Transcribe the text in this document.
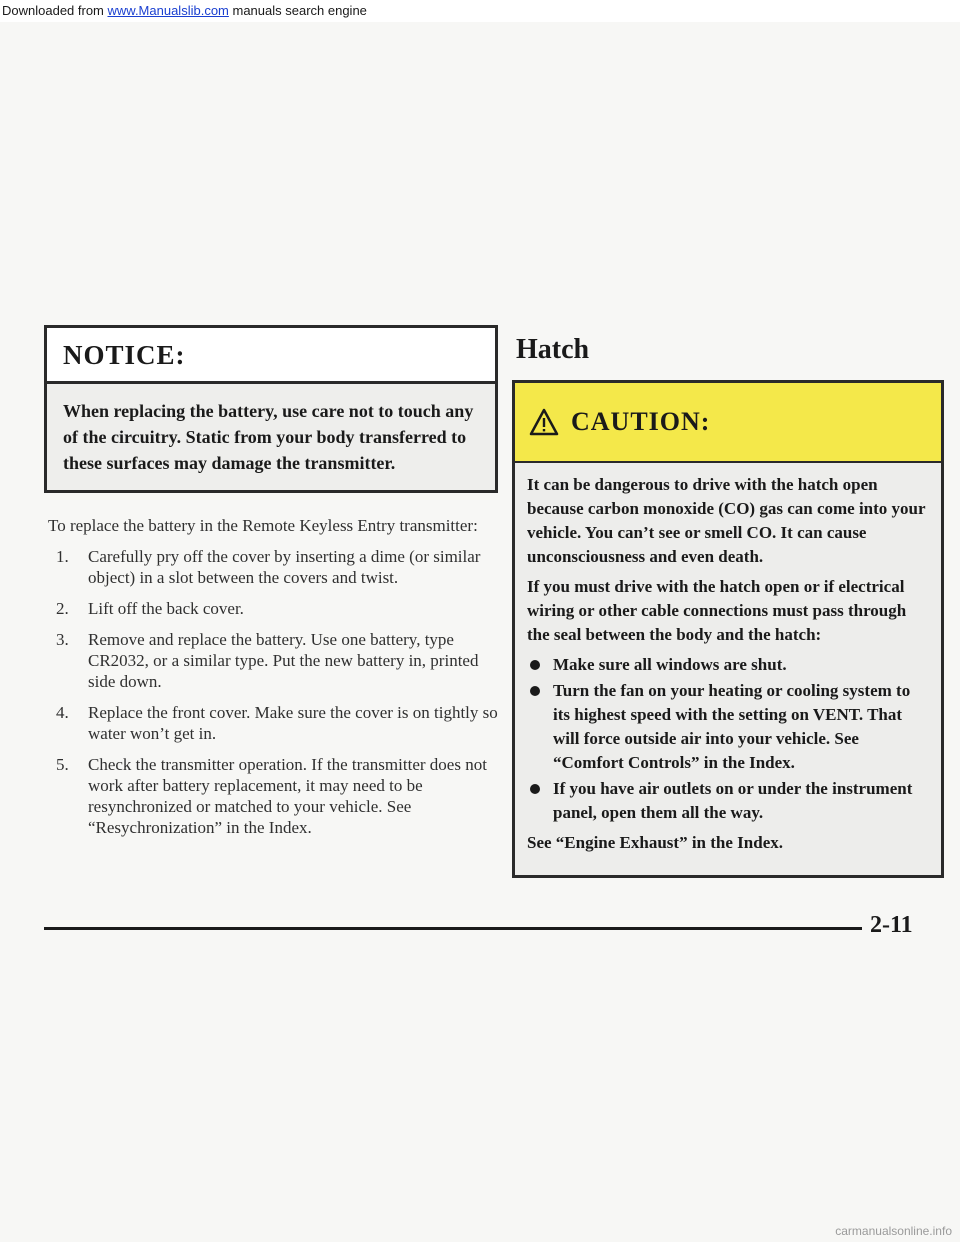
Downloaded from www.Manualslib.com manuals search engine
NOTICE:
When replacing the battery, use care not to touch any of the circuitry. Static from your body transferred to these surfaces may damage the transmitter.
To replace the battery in the Remote Keyless Entry transmitter:
1. Carefully pry off the cover by inserting a dime (or similar object) in a slot between the covers and twist.
2. Lift off the back cover.
3. Remove and replace the battery. Use one battery, type CR2032, or a similar type. Put the new battery in, printed side down.
4. Replace the front cover. Make sure the cover is on tightly so water won’t get in.
5. Check the transmitter operation. If the transmitter does not work after battery replacement, it may need to be resynchronized or matched to your vehicle. See “Resychronization” in the Index.
Hatch
CAUTION:

It can be dangerous to drive with the hatch open because carbon monoxide (CO) gas can come into your vehicle. You can’t see or smell CO. It can cause unconsciousness and even death.

If you must drive with the hatch open or if electrical wiring or other cable connections must pass through the seal between the body and the hatch:

Make sure all windows are shut.
Turn the fan on your heating or cooling system to its highest speed with the setting on VENT. That will force outside air into your vehicle. See “Comfort Controls” in the Index.
If you have air outlets on or under the instrument panel, open them all the way.

See “Engine Exhaust” in the Index.

2-11
carmanualsonline.info
